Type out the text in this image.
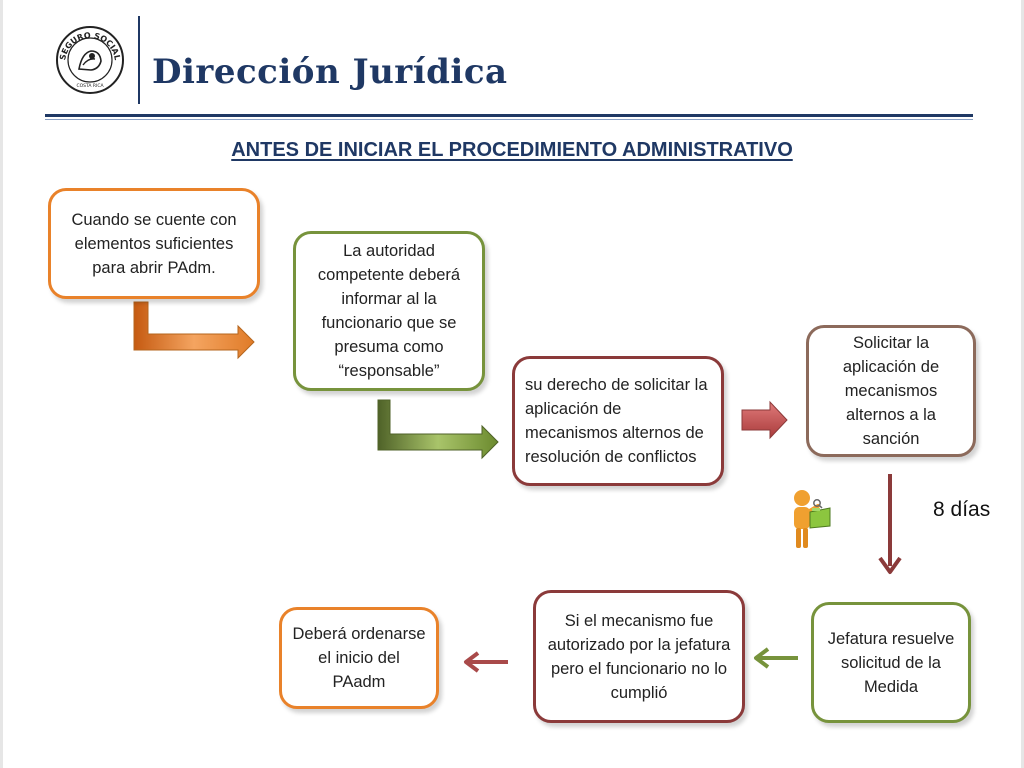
SEGURO SOCIAL
COSTA RICA Dirección Jurídica
ANTES DE INICIAR EL PROCEDIMIENTO ADMINISTRATIVO
Cuando se cuente con elementos suficientes para abrir PAdm.
La autoridad competente deberá informar al la funcionario que se presuma como “responsable”
su derecho de solicitar la aplicación de mecanismos alternos de resolución de conflictos
Solicitar la aplicación de mecanismos alternos a la sanción
8 días
Jefatura resuelve solicitud de la Medida
Si el mecanismo fue autorizado por la jefatura pero el funcionario no lo cumplió
Deberá ordenarse el inicio del PAadm
